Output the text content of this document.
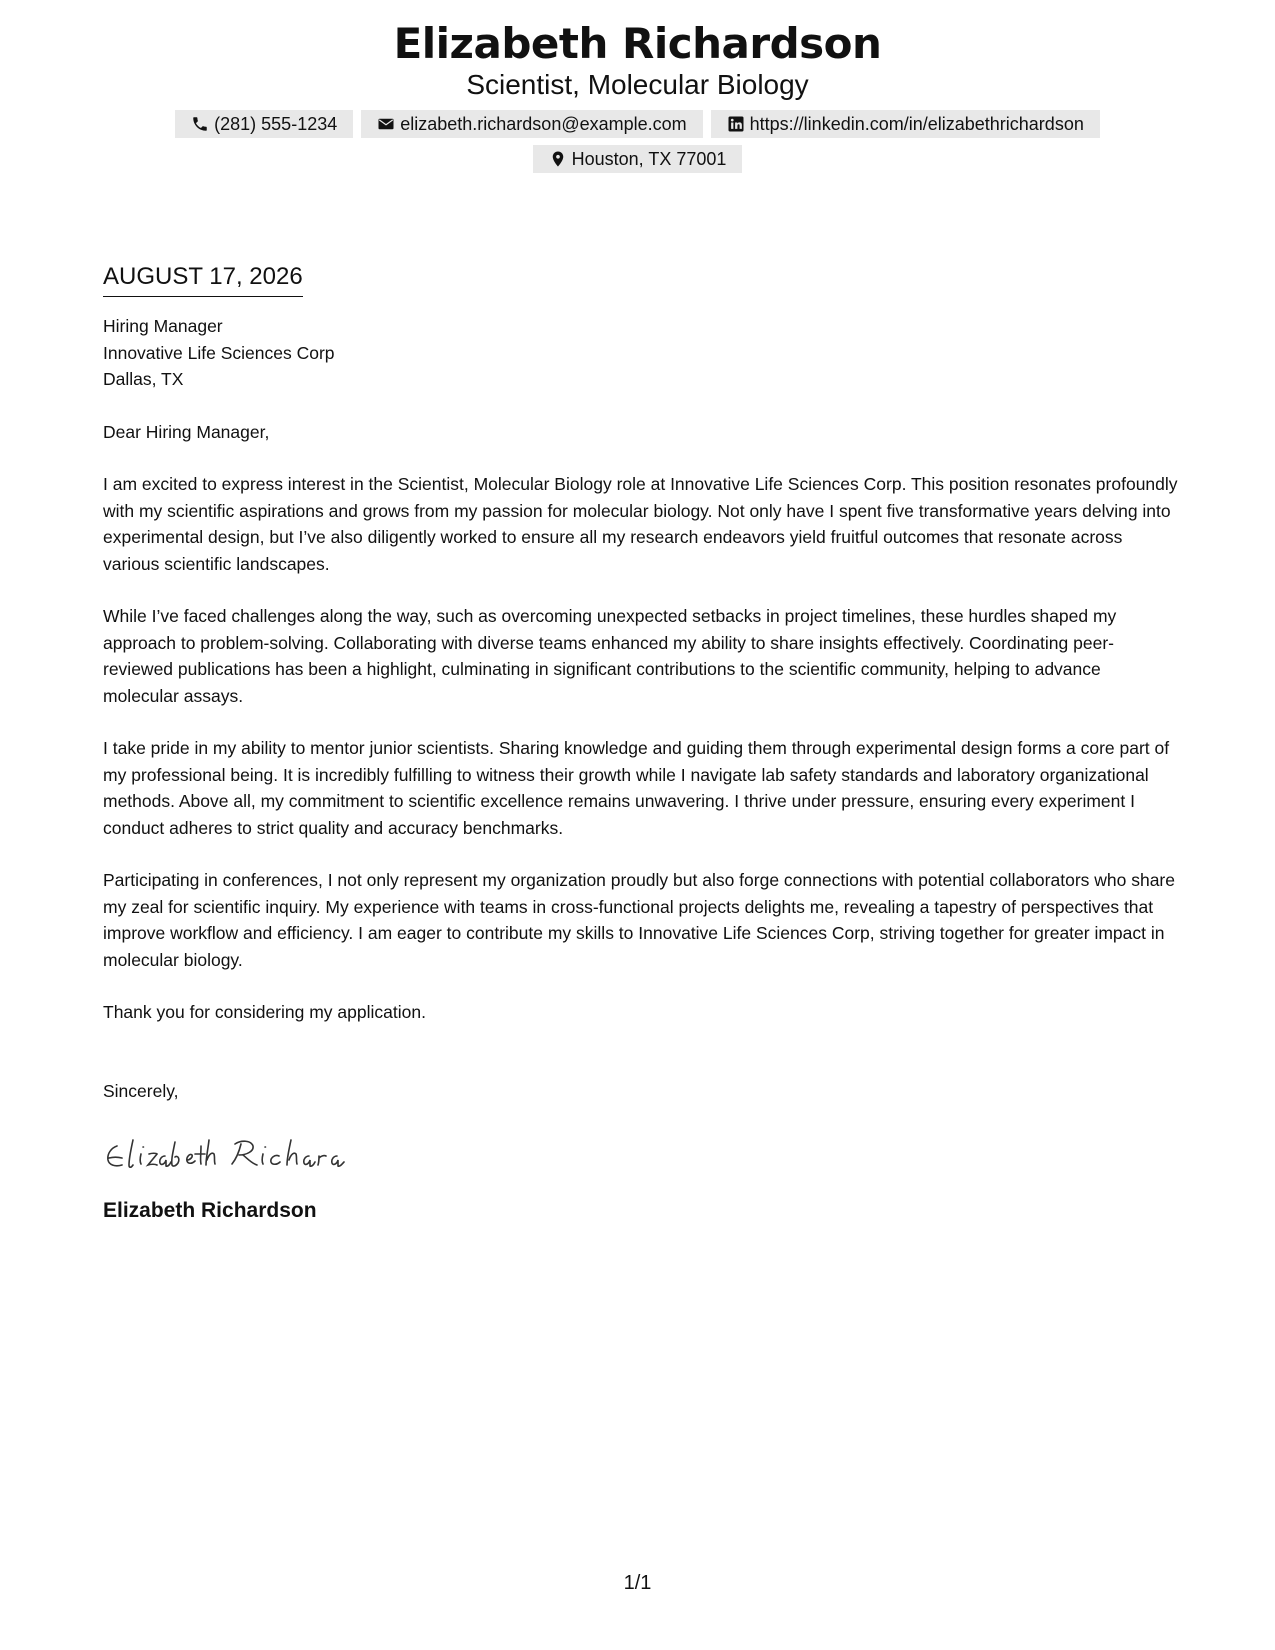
Elizabeth Richardson
Scientist, Molecular Biology
(281) 555-1234	elizabeth.richardson@example.com	https://linkedin.com/in/elizabethrichardson
Houston, TX 77001
AUGUST 17, 2026
Hiring Manager
Innovative Life Sciences Corp
Dallas, TX
Dear Hiring Manager,

I am excited to express interest in the Scientist, Molecular Biology role at Innovative Life Sciences Corp. This position resonates profoundly with my scientific aspirations and grows from my passion for molecular biology. Not only have I spent five transformative years delving into experimental design, but I’ve also diligently worked to ensure all my research endeavors yield fruitful outcomes that resonate across various scientific landscapes.

While I’ve faced challenges along the way, such as overcoming unexpected setbacks in project timelines, these hurdles shaped my approach to problem-solving. Collaborating with diverse teams enhanced my ability to share insights effectively. Coordinating peer-reviewed publications has been a highlight, culminating in significant contributions to the scientific community, helping to advance molecular assays.

I take pride in my ability to mentor junior scientists. Sharing knowledge and guiding them through experimental design forms a core part of my professional being. It is incredibly fulfilling to witness their growth while I navigate lab safety standards and laboratory organizational methods. Above all, my commitment to scientific excellence remains unwavering. I thrive under pressure, ensuring every experiment I conduct adheres to strict quality and accuracy benchmarks.

Participating in conferences, I not only represent my organization proudly but also forge connections with potential collaborators who share my zeal for scientific inquiry. My experience with teams in cross-functional projects delights me, revealing a tapestry of perspectives that improve workflow and efficiency. I am eager to contribute my skills to Innovative Life Sciences Corp, striving together for greater impact in molecular biology.

Thank you for considering my application.

Sincerely,
Elizabeth Richardson
1/1
